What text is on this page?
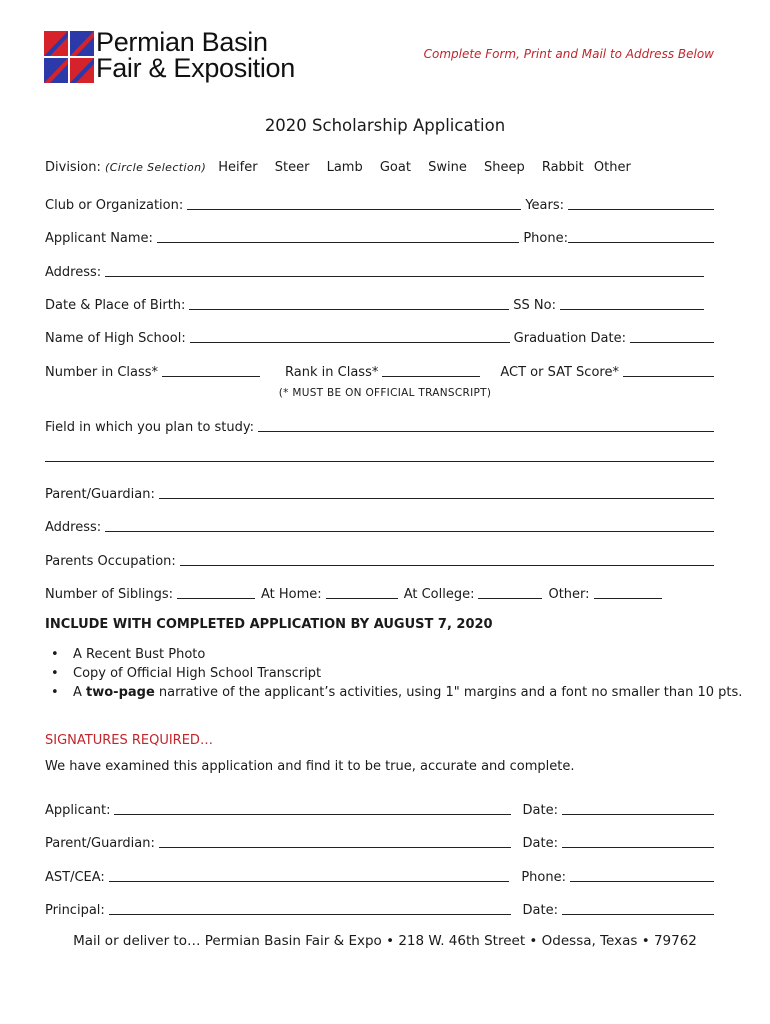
Permian Basin
Fair & Exposition	Complete Form, Print and Mail to Address Below
2020 Scholarship Application
Division: (Circle Selection) Heifer Steer Lamb Goat Swine Sheep Rabbit Other
Club or Organization:	Years:
Applicant Name:	Phone:
Address:
Date & Place of Birth:	SS No:
Name of High School:	Graduation Date:
Number in Class*	Rank in Class*	ACT or SAT Score*
(* MUST BE ON OFFICIAL TRANSCRIPT)
Field in which you plan to study:
Parent/Guardian:
Address:
Parents Occupation:
Number of Siblings:	At Home:	At College:	Other:
INCLUDE WITH COMPLETED APPLICATION BY AUGUST 7, 2020
• A Recent Bust Photo
• Copy of Official High School Transcript
• A two-page narrative of the applicant’s activities, using 1" margins and a font no smaller than 10 pts.
SIGNATURES REQUIRED…
We have examined this application and find it to be true, accurate and complete.
Applicant:	Date:
Parent/Guardian:	Date:
AST/CEA:	Phone:
Principal:	Date:
Mail or deliver to… Permian Basin Fair & Expo • 218 W. 46th Street • Odessa, Texas • 79762
